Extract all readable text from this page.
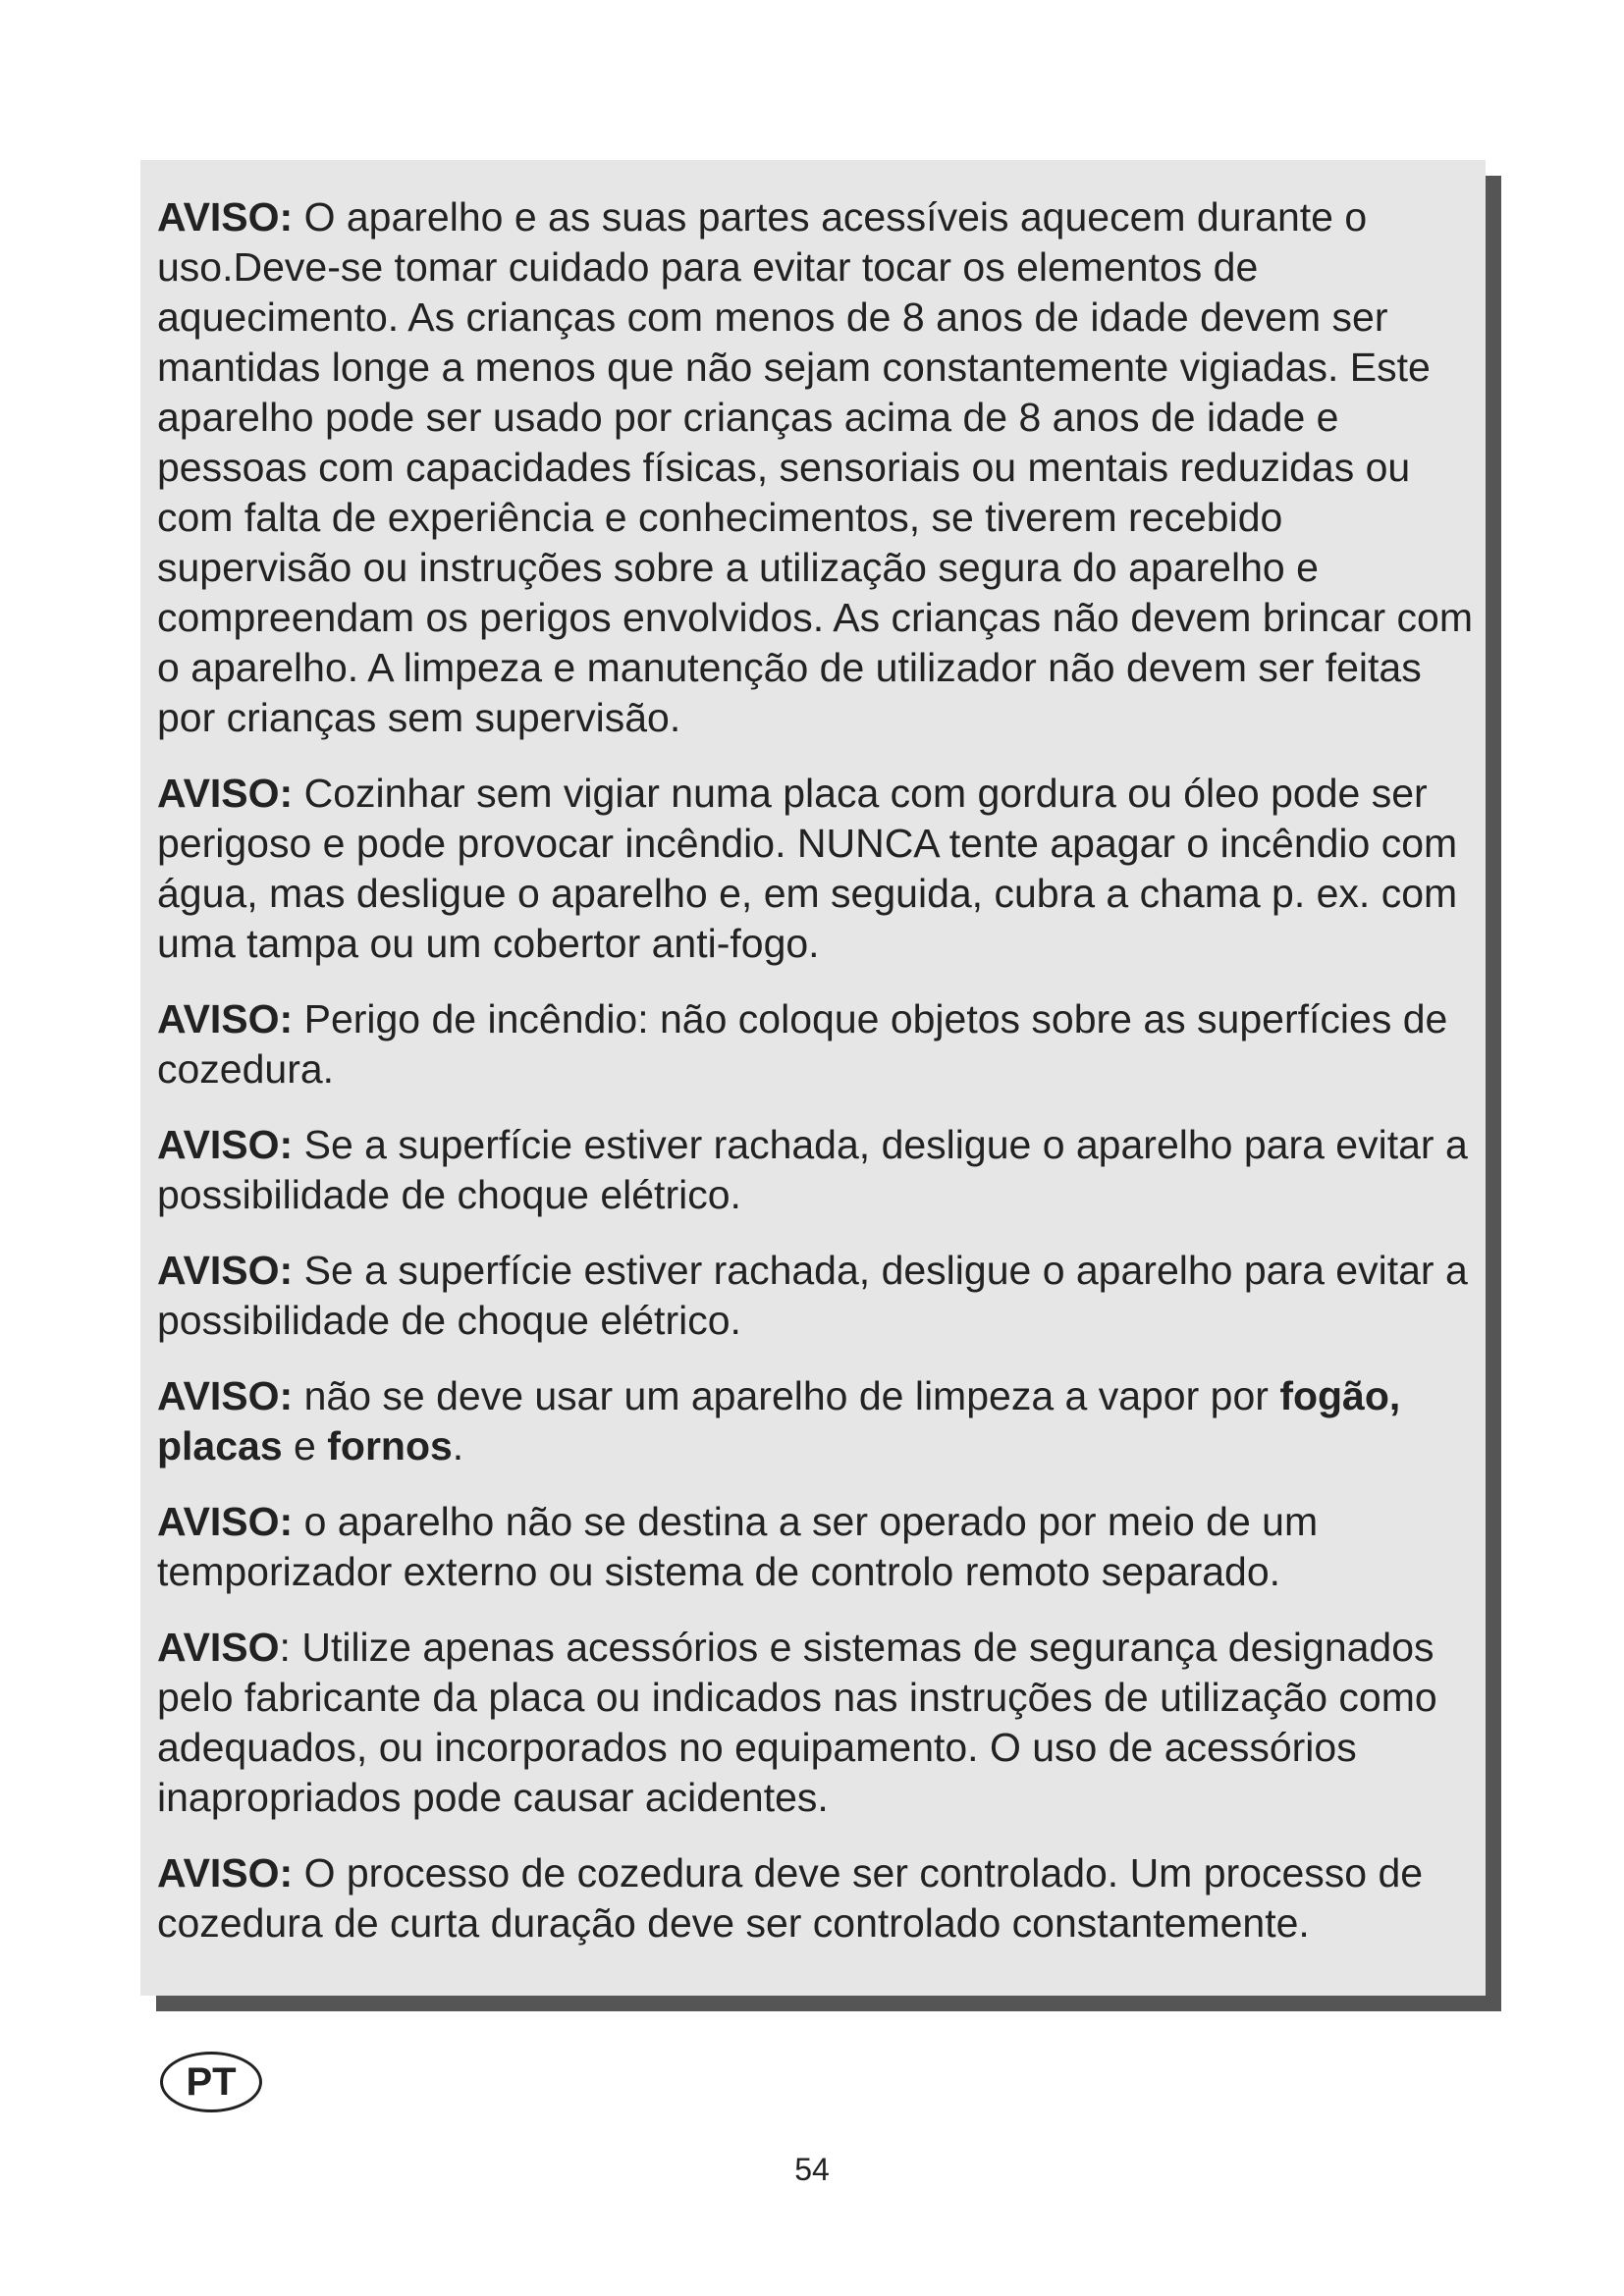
AVISO: O aparelho e as suas partes acessíveis aquecem durante o uso.Deve-se tomar cuidado para evitar tocar os elementos de aquecimento. As crianças com menos de 8 anos de idade devem ser mantidas longe a menos que não sejam constantemente vigiadas. Este aparelho pode ser usado por crianças acima de 8 anos de idade e pessoas com capacidades físicas, sensoriais ou mentais reduzidas ou com falta de experiência e conhecimentos, se tiverem recebido supervisão ou instruções sobre a utilização segura do aparelho e compreendam os perigos envolvidos. As crianças não devem brincar com o aparelho. A limpeza e manutenção de utilizador não devem ser feitas por crianças sem supervisão.

AVISO: Cozinhar sem vigiar numa placa com gordura ou óleo pode ser perigoso e pode provocar incêndio. NUNCA tente apagar o incêndio com água, mas desligue o aparelho e, em seguida, cubra a chama p. ex. com uma tampa ou um cobertor anti-fogo.

AVISO: Perigo de incêndio: não coloque objetos sobre as superfícies de cozedura.

AVISO: Se a superfície estiver rachada, desligue o aparelho para evitar a possibilidade de choque elétrico.

AVISO: Se a superfície estiver rachada, desligue o aparelho para evitar a possibilidade de choque elétrico.

AVISO: não se deve usar um aparelho de limpeza a vapor por fogão, placas e fornos.

AVISO: o aparelho não se destina a ser operado por meio de um temporizador externo ou sistema de controlo remoto separado.

AVISO: Utilize apenas acessórios e sistemas de segurança designados pelo fabricante da placa ou indicados nas instruções de utilização como adequados, ou incorporados no equipamento. O uso de acessórios inapropriados pode causar acidentes.

AVISO: O processo de cozedura deve ser controlado. Um processo de cozedura de curta duração deve ser controlado constantemente.

PT
54
